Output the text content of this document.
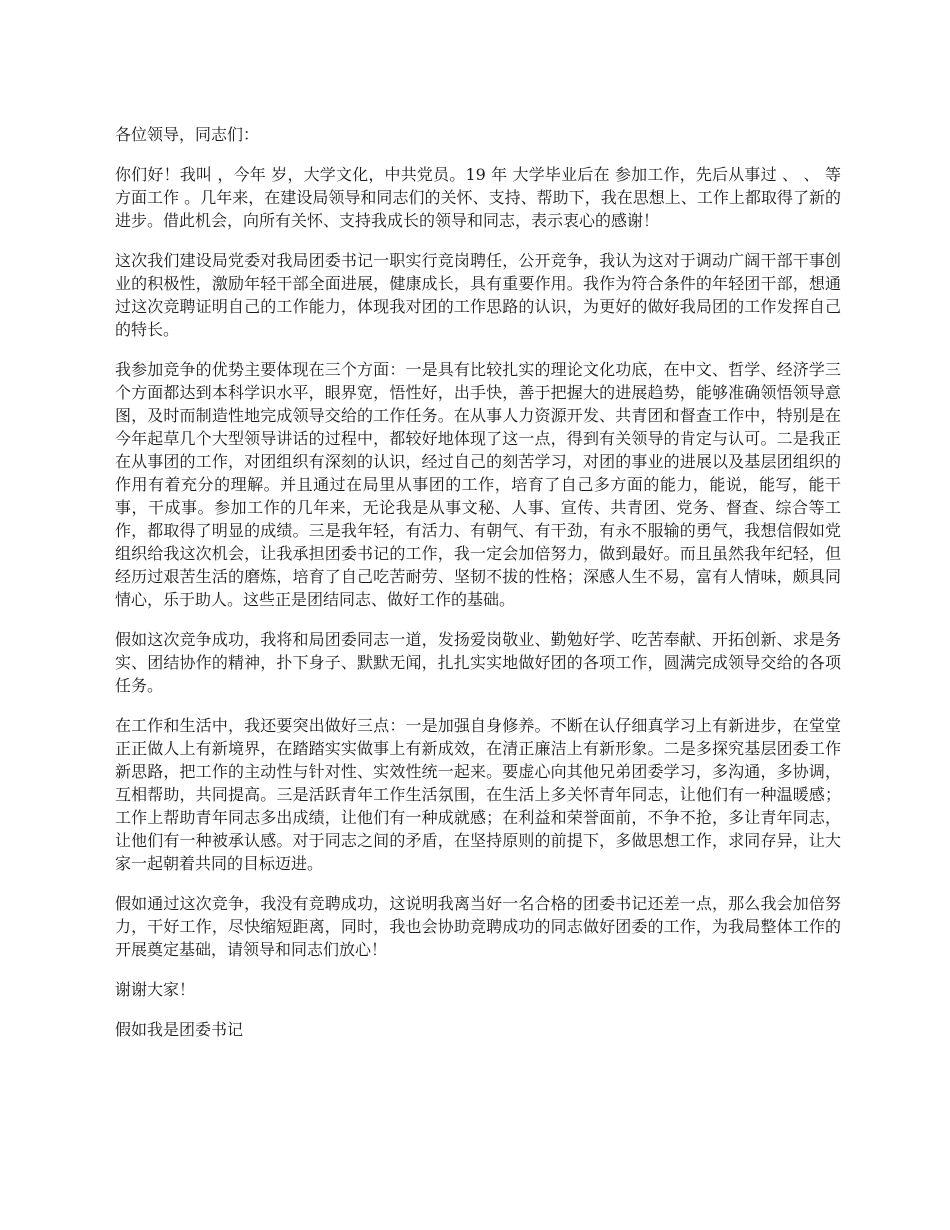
各位领导，同志们：

你们好！我叫 ，今年 岁，大学文化，中共党员。19 年 大学毕业后在 参加工作，先后从事过 、 、 等方面工作 。几年来，在建设局领导和同志们的关怀、支持、帮助下，我在思想上、工作上都取得了新的进步。借此机会，向所有关怀、支持我成长的领导和同志，表示衷心的感谢！

这次我们建设局党委对我局团委书记一职实行竞岗聘任，公开竞争，我认为这对于调动广阔干部干事创业的积极性，激励年轻干部全面进展，健康成长，具有重要作用。我作为符合条件的年轻团干部，想通过这次竞聘证明自己的工作能力，体现我对团的工作思路的认识，为更好的做好我局团的工作发挥自己的特长。

我参加竞争的优势主要体现在三个方面：一是具有比较扎实的理论文化功底，在中文、哲学、经济学三个方面都达到本科学识水平，眼界宽，悟性好，出手快，善于把握大的进展趋势，能够准确领悟领导意图，及时而制造性地完成领导交给的工作任务。在从事人力资源开发、共青团和督查工作中，特别是在今年起草几个大型领导讲话的过程中，都较好地体现了这一点，得到有关领导的肯定与认可。二是我正在从事团的工作，对团组织有深刻的认识，经过自己的刻苦学习，对团的事业的进展以及基层团组织的作用有着充分的理解。并且通过在局里从事团的工作，培育了自己多方面的能力，能说，能写，能干事，干成事。参加工作的几年来，无论我是从事文秘、人事、宣传、共青团、党务、督查、综合等工作，都取得了明显的成绩。三是我年轻，有活力、有朝气、有干劲，有永不服输的勇气，我想信假如党组织给我这次机会，让我承担团委书记的工作，我一定会加倍努力，做到最好。而且虽然我年纪轻，但经历过艰苦生活的磨炼，培育了自己吃苦耐劳、坚韧不拔的性格；深感人生不易，富有人情味，颇具同情心，乐于助人。这些正是团结同志、做好工作的基础。

假如这次竞争成功，我将和局团委同志一道，发扬爱岗敬业、勤勉好学、吃苦奉献、开拓创新、求是务实、团结协作的精神，扑下身子、默默无闻，扎扎实实地做好团的各项工作，圆满完成领导交给的各项任务。

在工作和生活中，我还要突出做好三点：一是加强自身修养。不断在认仔细真学习上有新进步，在堂堂正正做人上有新境界，在踏踏实实做事上有新成效，在清正廉洁上有新形象。二是多探究基层团委工作新思路，把工作的主动性与针对性、实效性统一起来。要虚心向其他兄弟团委学习，多沟通，多协调，互相帮助，共同提高。三是活跃青年工作生活氛围，在生活上多关怀青年同志，让他们有一种温暖感；工作上帮助青年同志多出成绩，让他们有一种成就感；在利益和荣誉面前，不争不抢，多让青年同志，让他们有一种被承认感。对于同志之间的矛盾，在坚持原则的前提下，多做思想工作，求同存异，让大家一起朝着共同的目标迈进。

假如通过这次竞争，我没有竞聘成功，这说明我离当好一名合格的团委书记还差一点，那么我会加倍努力，干好工作，尽快缩短距离，同时，我也会协助竞聘成功的同志做好团委的工作，为我局整体工作的开展奠定基础，请领导和同志们放心！

谢谢大家！

假如我是团委书记
